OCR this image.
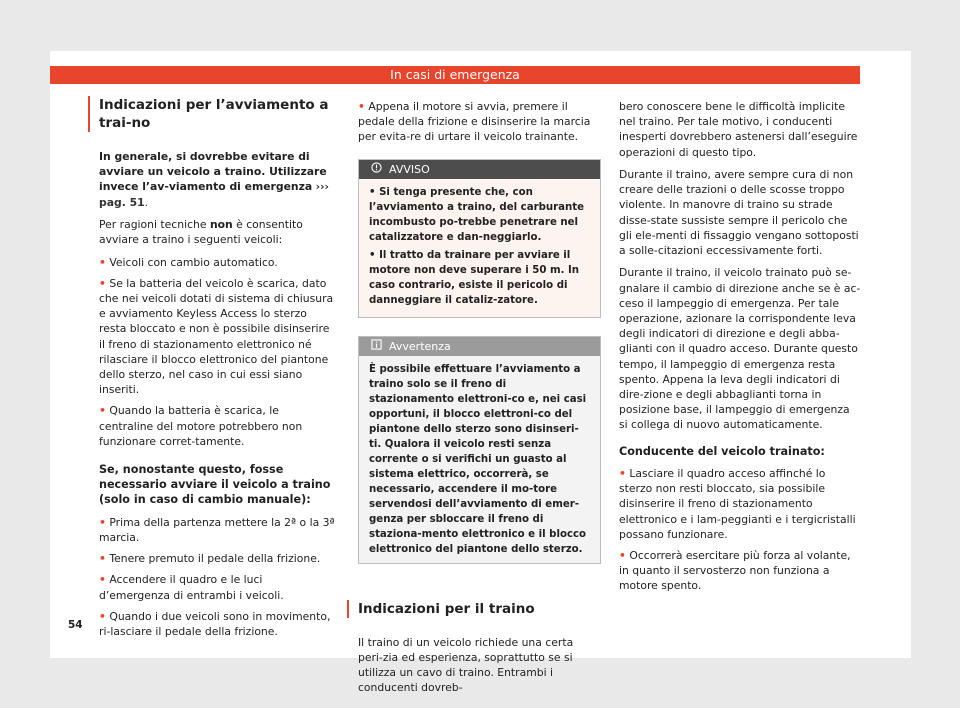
In casi di emergenza
Indicazioni per l’avviamento a trai-no

In generale, si dovrebbe evitare di avviare un veicolo a traino. Utilizzare invece l’av-viamento di emergenza ››› pag. 51.

Per ragioni tecniche non è consentito avviare a traino i seguenti veicoli:

• Veicoli con cambio automatico.
• Se la batteria del veicolo è scarica, dato che nei veicoli dotati di sistema di chiusura e avviamento Keyless Access lo sterzo resta bloccato e non è possibile disinserire il freno di stazionamento elettronico né rilasciare il blocco elettronico del piantone dello sterzo, nel caso in cui essi siano inseriti.
• Quando la batteria è scarica, le centraline del motore potrebbero non funzionare corret-tamente.

Se, nonostante questo, fosse necessario avviare il veicolo a traino (solo in caso di cambio manuale):

• Prima della partenza mettere la 2ª o la 3ª marcia.
• Tenere premuto il pedale della frizione.
• Accendere il quadro e le luci d’emergenza di entrambi i veicoli.
• Quando i due veicoli sono in movimento, ri-lasciare il pedale della frizione.
• Appena il motore si avvia, premere il pedale della frizione e disinserire la marcia per evita-re di urtare il veicolo trainante.
AVVISO
• Si tenga presente che, con l’avviamento a traino, del carburante incombusto po-trebbe penetrare nel catalizzatore e dan-neggiarlo.
• Il tratto da trainare per avviare il motore non deve superare i 50 m. In caso contrario, esiste il pericolo di danneggiare il cataliz-zatore.
Avvertenza
È possibile effettuare l’avviamento a traino solo se il freno di stazionamento elettroni-co e, nei casi opportuni, il blocco elettroni-co del piantone dello sterzo sono disinseri-ti. Qualora il veicolo resti senza corrente o si verifichi un guasto al sistema elettrico, occorrerà, se necessario, accendere il mo-tore servendosi dell’avviamento di emer-genza per sbloccare il freno di staziona-mento elettronico e il blocco elettronico del piantone dello sterzo.
Indicazioni per il traino

Il traino di un veicolo richiede una certa peri-zia ed esperienza, soprattutto se si utilizza un cavo di traino. Entrambi i conducenti dovreb-

bero conoscere bene le difficoltà implicite nel traino. Per tale motivo, i conducenti inesperti dovrebbero astenersi dall’eseguire operazioni di questo tipo.

Durante il traino, avere sempre cura di non creare delle trazioni o delle scosse troppo violente. In manovre di traino su strade disse-state sussiste sempre il pericolo che gli ele-menti di fissaggio vengano sottoposti a solle-citazioni eccessivamente forti.

Durante il traino, il veicolo trainato può se-gnalare il cambio di direzione anche se è ac-ceso il lampeggio di emergenza. Per tale operazione, azionare la corrispondente leva degli indicatori di direzione e degli abba-glianti con il quadro acceso. Durante questo tempo, il lampeggio di emergenza resta spento. Appena la leva degli indicatori di dire-zione e degli abbaglianti torna in posizione base, il lampeggio di emergenza si collega di nuovo automaticamente.

Conducente del veicolo trainato:

• Lasciare il quadro acceso affinché lo sterzo non resti bloccato, sia possibile disinserire il freno di stazionamento elettronico e i lam-peggianti e i tergicristalli possano funzionare.
• Occorrerà esercitare più forza al volante, in quanto il servosterzo non funziona a motore spento.
54
